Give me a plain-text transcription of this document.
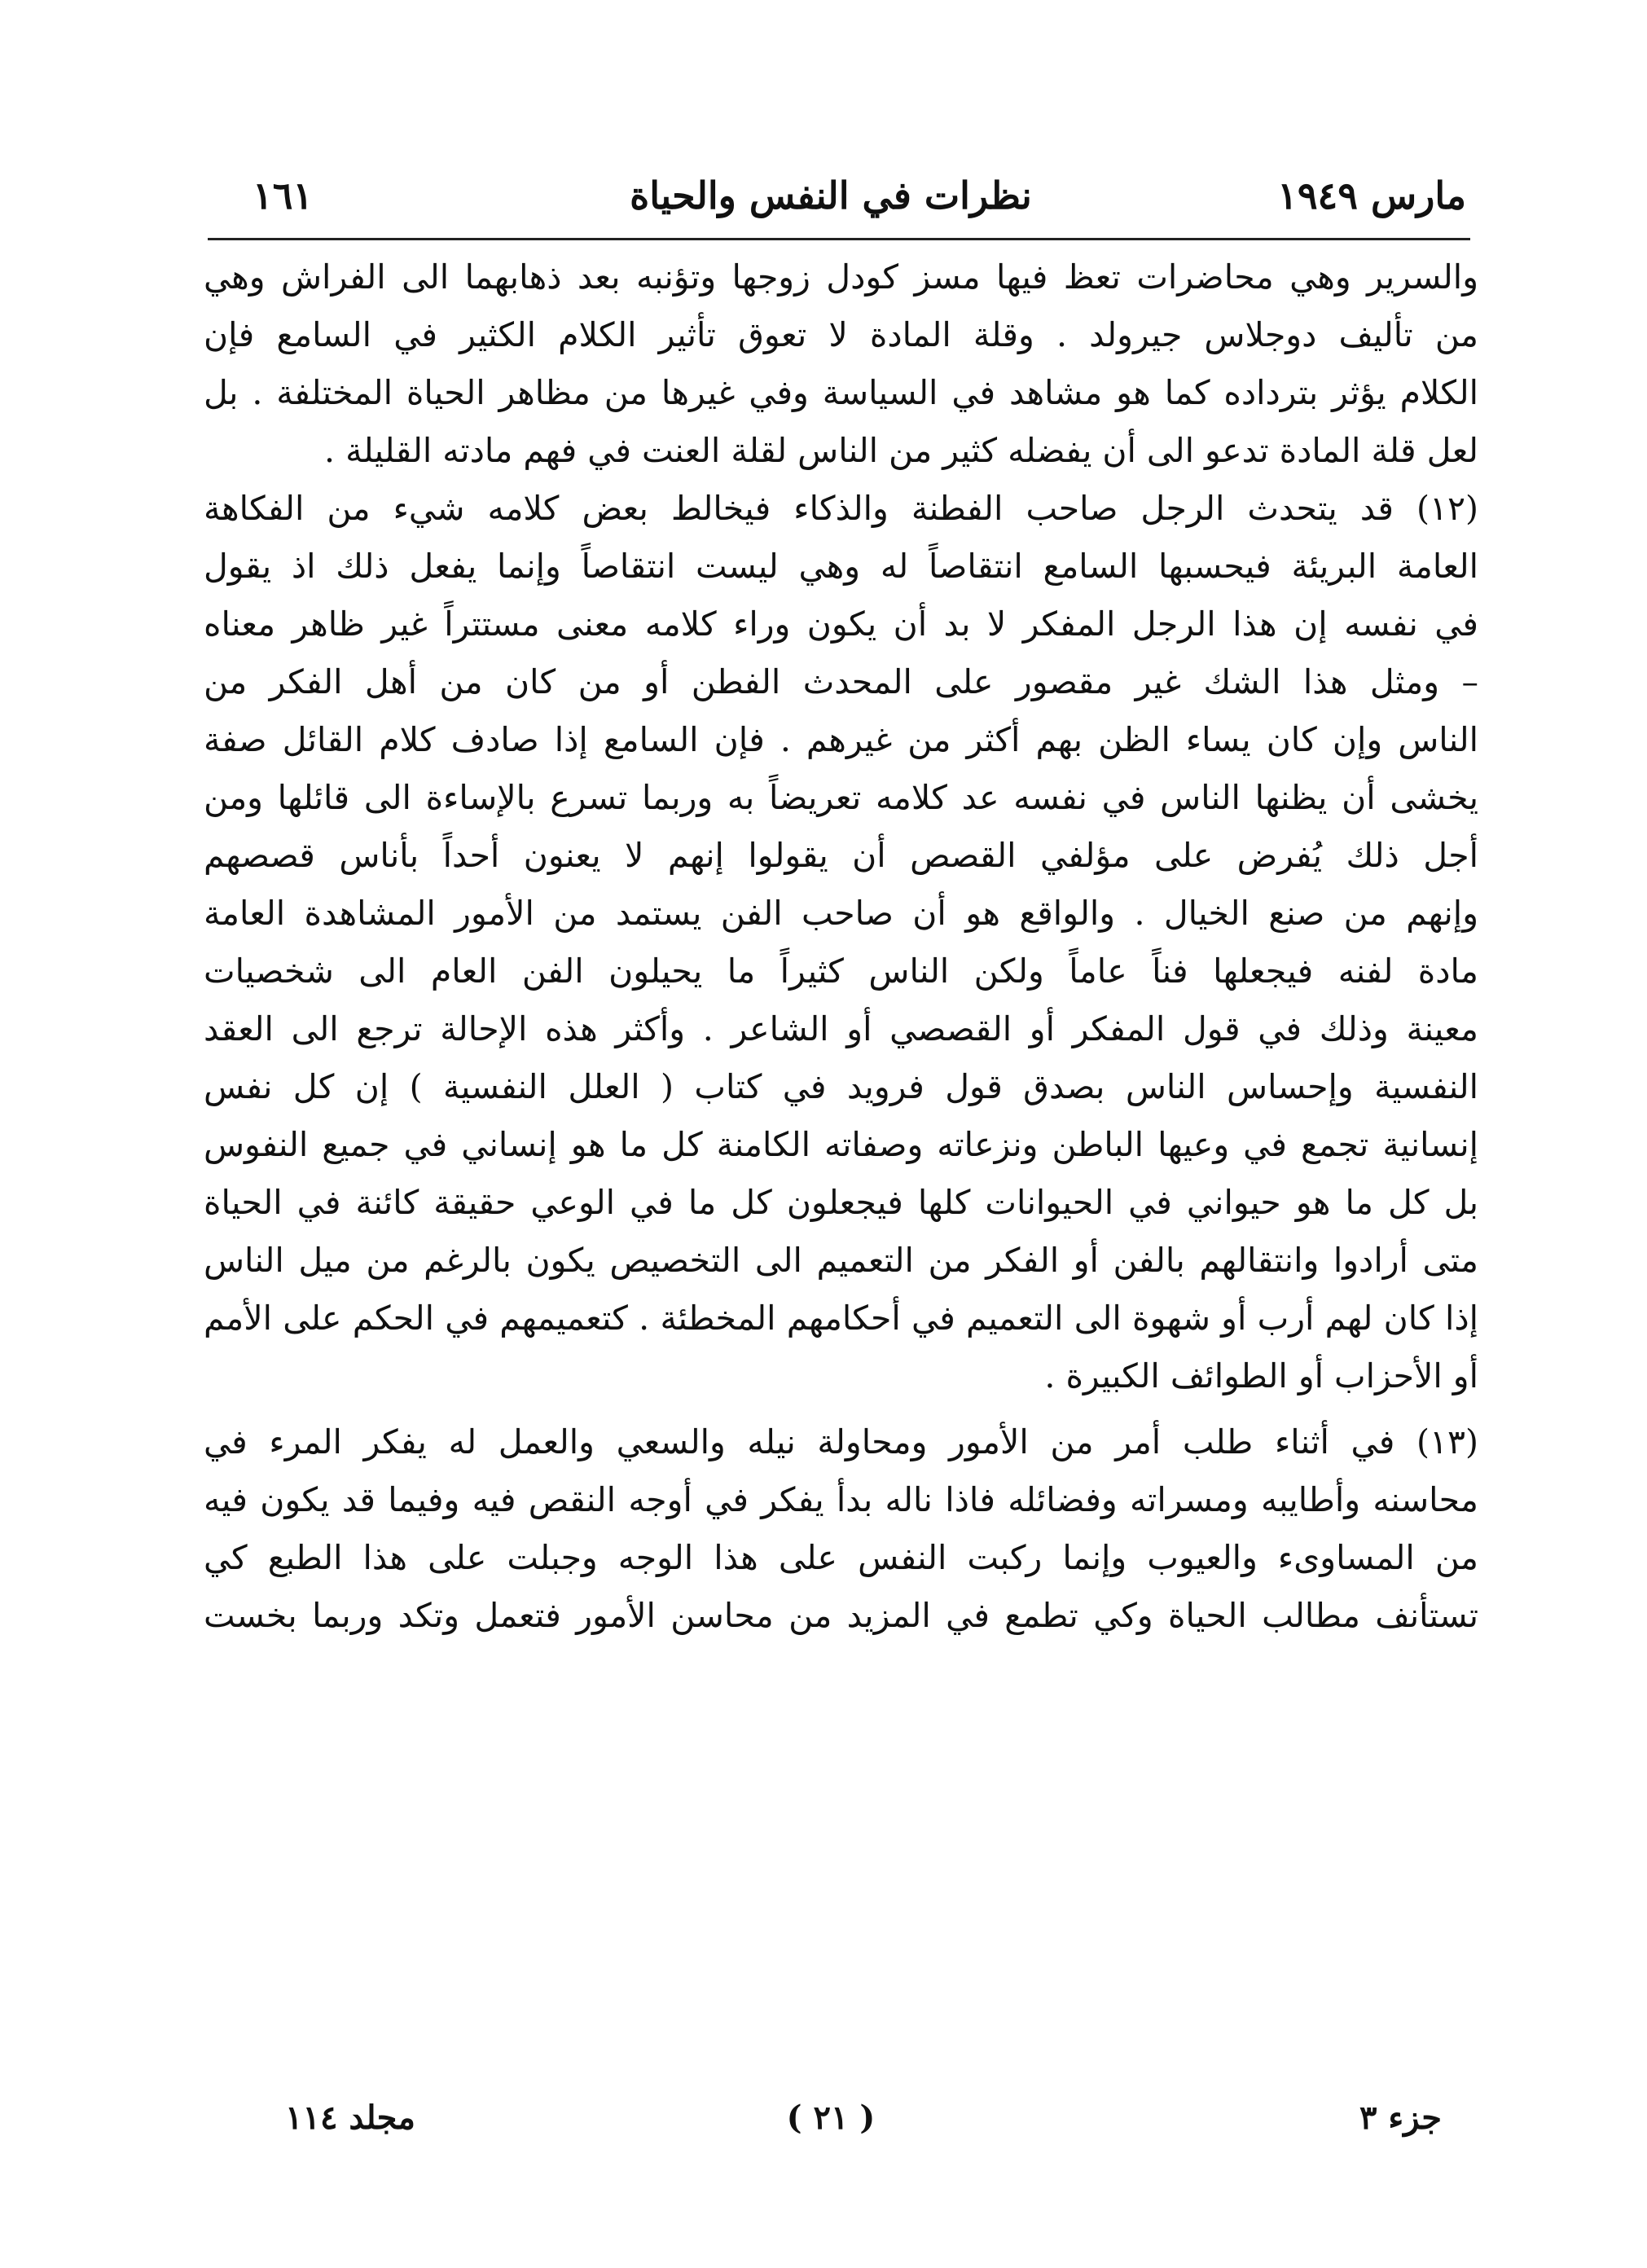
مارس ١٩٤٩
نظرات في النفس والحياة
١٦١
والسرير وهي محاضرات تعظ فيها مسز كودل زوجها وتؤنبه بعد ذهابهما الى الفراش وهي
من تأليف دوجلاس جيرولد . وقلة المادة لا تعوق تأثير الكلام الكثير في السامع فإن
الكلام يؤثر بترداده كما هو مشاهد في السياسة وفي غيرها من مظاهر الحياة المختلفة . بل
لعل قلة المادة تدعو الى أن يفضله كثير من الناس لقلة العنت في فهم مادته القليلة .
(١٢) قد يتحدث الرجل صاحب الفطنة والذكاء فيخالط بعض كلامه شيء من الفكاهة
العامة البريئة فيحسبها السامع انتقاصاً له وهي ليست انتقاصاً وإنما يفعل ذلك اذ يقول
في نفسه إن هذا الرجل المفكر لا بد أن يكون وراء كلامه معنى مستتراً غير ظاهر معناه
– ومثل هذا الشك غير مقصور على المحدث الفطن أو من كان من أهل الفكر من
الناس وإن كان يساء الظن بهم أكثر من غيرهم . فإن السامع إذا صادف كلام القائل صفة
يخشى أن يظنها الناس في نفسه عد كلامه تعريضاً به وربما تسرع بالإساءة الى قائلها ومن
أجل ذلك يُفرض على مؤلفي القصص أن يقولوا إنهم لا يعنون أحداً بأناس قصصهم
وإنهم من صنع الخيال . والواقع هو أن صاحب الفن يستمد من الأمور المشاهدة العامة
مادة لفنه فيجعلها فناً عاماً ولكن الناس كثيراً ما يحيلون الفن العام الى شخصيات
معينة وذلك في قول المفكر أو القصصي أو الشاعر . وأكثر هذه الإحالة ترجع الى العقد
النفسية وإحساس الناس بصدق قول فرويد في كتاب ( العلل النفسية ) إن كل نفس
إنسانية تجمع في وعيها الباطن ونزعاته وصفاته الكامنة كل ما هو إنساني في جميع النفوس
بل كل ما هو حيواني في الحيوانات كلها فيجعلون كل ما في الوعي حقيقة كائنة في الحياة
متى أرادوا وانتقالهم بالفن أو الفكر من التعميم الى التخصيص يكون بالرغم من ميل الناس
إذا كان لهم أرب أو شهوة الى التعميم في أحكامهم المخطئة . كتعميمهم في الحكم على الأمم
أو الأحزاب أو الطوائف الكبيرة .
(١٣) في أثناء طلب أمر من الأمور ومحاولة نيله والسعي والعمل له يفكر المرء في
محاسنه وأطايبه ومسراته وفضائله فاذا ناله بدأ يفكر في أوجه النقص فيه وفيما قد يكون فيه
من المساوىء والعيوب وإنما ركبت النفس على هذا الوجه وجبلت على هذا الطبع كي
تستأنف مطالب الحياة وكي تطمع في المزيد من محاسن الأمور فتعمل وتكد وربما بخست
جزء ٣
( ٢١ )
مجلد ١١٤
